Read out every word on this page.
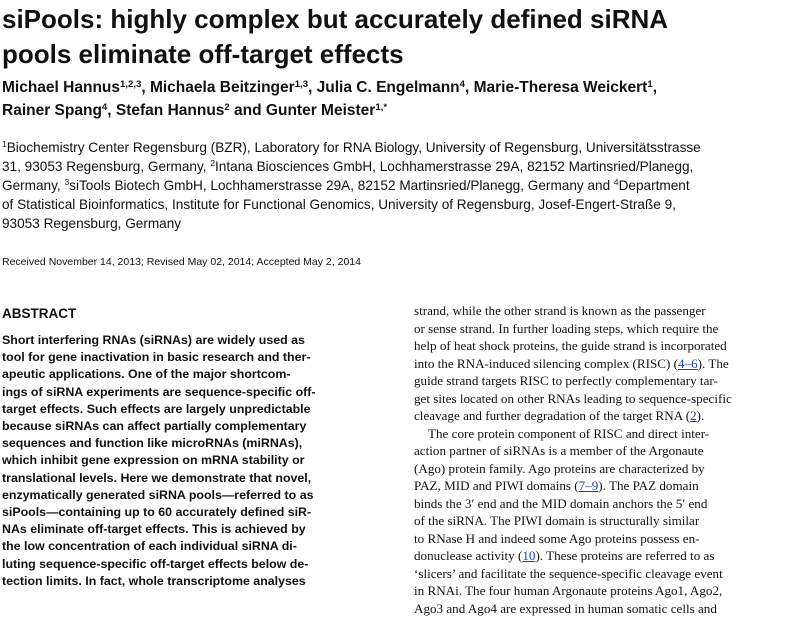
siPools: highly complex but accurately defined siRNA
pools eliminate off-target effects
Michael Hannus$^{1,2,3}$, Michaela Beitzinger$^{1,3}$, Julia C. Engelmann$^4$, Marie-Theresa Weickert$^1$,
Rainer Spang$^4$, Stefan Hannus$^2$ and Gunter Meister$^{1,*}$
$^1$Biochemistry Center Regensburg (BZR), Laboratory for RNA Biology, University of Regensburg, Universitätsstrasse
31, 93053 Regensburg, Germany, $^2$Intana Biosciences GmbH, Lochhamerstrasse 29A, 82152 Martinsried/Planegg,
Germany, $^3$siTools Biotech GmbH, Lochhamerstrasse 29A, 82152 Martinsried/Planegg, Germany and $^4$Department
of Statistical Bioinformatics, Institute for Functional Genomics, University of Regensburg, Josef-Engert-Straße 9,
93053 Regensburg, Germany
Received November 14, 2013; Revised May 02, 2014; Accepted May 2, 2014
ABSTRACT
Short interfering RNAs (siRNAs) are widely used as
tool for gene inactivation in basic research and ther-
apeutic applications. One of the major shortcom-
ings of siRNA experiments are sequence-specific off-
target effects. Such effects are largely unpredictable
because siRNAs can affect partially complementary
sequences and function like microRNAs (miRNAs),
which inhibit gene expression on mRNA stability or
translational levels. Here we demonstrate that novel,
enzymatically generated siRNA pools—referred to as
siPools—containing up to 60 accurately defined siR-
NAs eliminate off-target effects. This is achieved by
the low concentration of each individual siRNA di-
luting sequence-specific off-target effects below de-
tection limits. In fact, whole transcriptome analyses
strand, while the other strand is known as the passenger
or sense strand. In further loading steps, which require the
help of heat shock proteins, the guide strand is incorporated
into the RNA-induced silencing complex (RISC) (4–6). The
guide strand targets RISC to perfectly complementary tar-
get sites located on other RNAs leading to sequence-specific
cleavage and further degradation of the target RNA (2).
The core protein component of RISC and direct inter-
action partner of siRNAs is a member of the Argonaute
(Ago) protein family. Ago proteins are characterized by
PAZ, MID and PIWI domains (7–9). The PAZ domain
binds the 3′ end and the MID domain anchors the 5′ end
of the siRNA. The PIWI domain is structurally similar
to RNase H and indeed some Ago proteins possess en-
donuclease activity (10). These proteins are referred to as
‘slicers’ and facilitate the sequence-specific cleavage event
in RNAi. The four human Argonaute proteins Ago1, Ago2,
Ago3 and Ago4 are expressed in human somatic cells and
